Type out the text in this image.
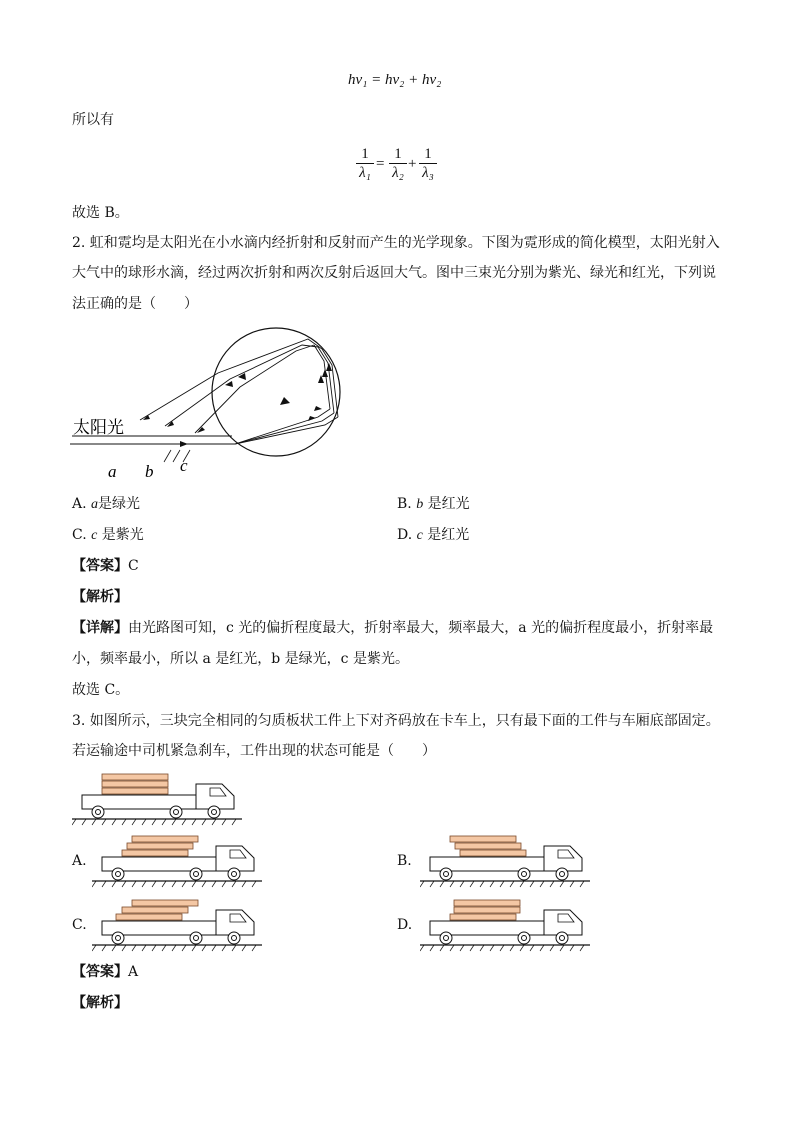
hν₁ = hν₂ + hν₂
所以有
1
λ₁
=
1
λ₂
+
1
λ₃
故选 B。
2. 虹和霓均是太阳光在小水滴内经折射和反射而产生的光学现象。下图为霓形成的简化模型，太阳光射入
大气中的球形水滴，经过两次折射和两次反射后返回大气。图中三束光分别为紫光、绿光和红光，下列说
法正确的是（　　）
太阳光
a b c
A. a是绿光	B. b 是红光
C. c 是紫光	D. c 是红光
【答案】C
【解析】
【详解】由光路图可知，c 光的偏折程度最大，折射率最大，频率最大，a 光的偏折程度最小，折射率最
小，频率最小，所以 a 是红光，b 是绿光，c 是紫光。
故选 C。
3. 如图所示，三块完全相同的匀质板状工件上下对齐码放在卡车上，只有最下面的工件与车厢底部固定。
若运输途中司机紧急刹车，工件出现的状态可能是（　　）
A.	B.
C.	D.
【答案】A
【解析】
